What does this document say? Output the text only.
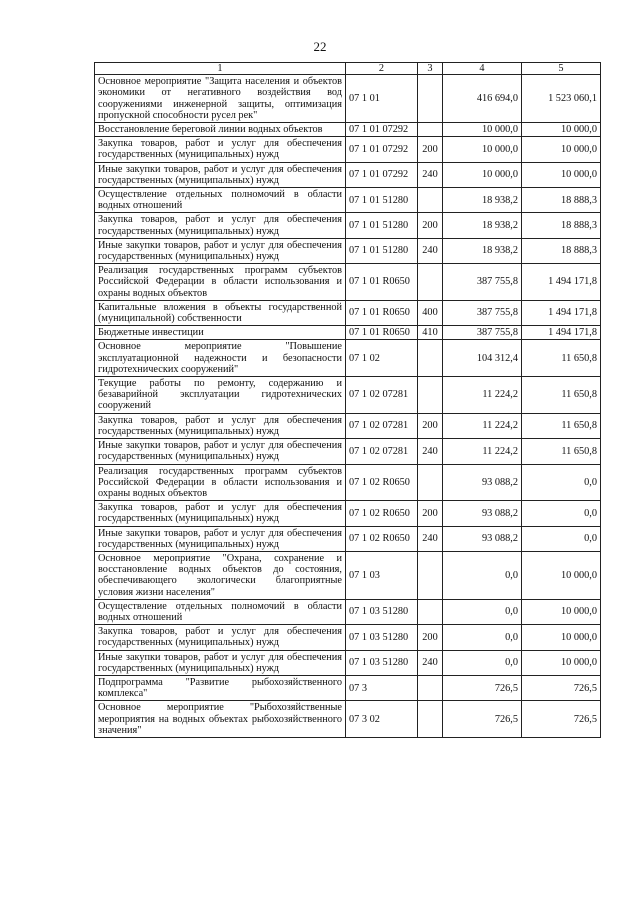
22
1	2	3	4	5
Основное мероприятие "Защита населения и объектов экономики от негативного воздействия вод сооружениями инженерной защиты, оптимизация пропускной способности русел рек"	07 1 01		416 694,0	1 523 060,1
Восстановление береговой линии водных объектов	07 1 01 07292		10 000,0	10 000,0
Закупка товаров, работ и услуг для обеспечения государственных (муниципальных) нужд	07 1 01 07292	200	10 000,0	10 000,0
Иные закупки товаров, работ и услуг для обеспечения государственных (муниципальных) нужд	07 1 01 07292	240	10 000,0	10 000,0
Осуществление отдельных полномочий в области водных отношений	07 1 01 51280		18 938,2	18 888,3
Закупка товаров, работ и услуг для обеспечения государственных (муниципальных) нужд	07 1 01 51280	200	18 938,2	18 888,3
Иные закупки товаров, работ и услуг для обеспечения государственных (муниципальных) нужд	07 1 01 51280	240	18 938,2	18 888,3
Реализация государственных программ субъектов Российской Федерации в области использования и охраны водных объектов	07 1 01 R0650		387 755,8	1 494 171,8
Капитальные вложения в объекты государственной (муниципальной) собственности	07 1 01 R0650	400	387 755,8	1 494 171,8
Бюджетные инвестиции	07 1 01 R0650	410	387 755,8	1 494 171,8
Основное мероприятие "Повышение эксплуатационной надежности и безопасности гидротехнических сооружений"	07 1 02		104 312,4	11 650,8
Текущие работы по ремонту, содержанию и безаварийной эксплуатации гидротехнических сооружений	07 1 02 07281		11 224,2	11 650,8
Закупка товаров, работ и услуг для обеспечения государственных (муниципальных) нужд	07 1 02 07281	200	11 224,2	11 650,8
Иные закупки товаров, работ и услуг для обеспечения государственных (муниципальных) нужд	07 1 02 07281	240	11 224,2	11 650,8
Реализация государственных программ субъектов Российской Федерации в области использования и охраны водных объектов	07 1 02 R0650		93 088,2	0,0
Закупка товаров, работ и услуг для обеспечения государственных (муниципальных) нужд	07 1 02 R0650	200	93 088,2	0,0
Иные закупки товаров, работ и услуг для обеспечения государственных (муниципальных) нужд	07 1 02 R0650	240	93 088,2	0,0
Основное мероприятие "Охрана, сохранение и восстановление водных объектов до состояния, обеспечивающего экологически благоприятные условия жизни населения"	07 1 03		0,0	10 000,0
Осуществление отдельных полномочий в области водных отношений	07 1 03 51280		0,0	10 000,0
Закупка товаров, работ и услуг для обеспечения государственных (муниципальных) нужд	07 1 03 51280	200	0,0	10 000,0
Иные закупки товаров, работ и услуг для обеспечения государственных (муниципальных) нужд	07 1 03 51280	240	0,0	10 000,0
Подпрограмма "Развитие рыбохозяйственного комплекса"	07 3		726,5	726,5
Основное мероприятие "Рыбохозяйственные мероприятия на водных объектах рыбохозяйственного значения"	07 3 02		726,5	726,5
